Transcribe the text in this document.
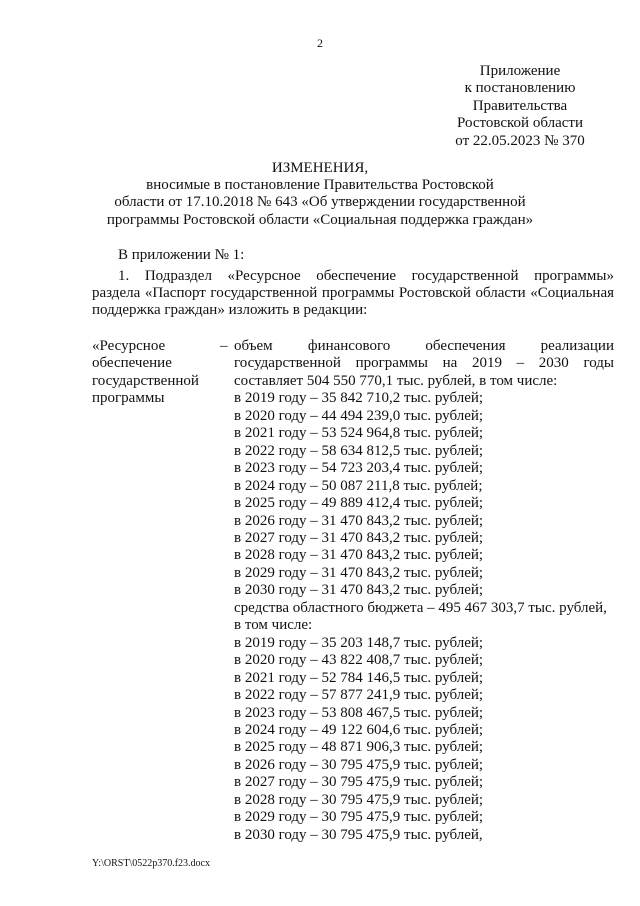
2
Приложение
к постановлению
Правительства
Ростовской области
от 22.05.2023 № 370
ИЗМЕНЕНИЯ,
вносимые в постановление Правительства Ростовской
области от 17.10.2018 № 643 «Об утверждении государственной
программы Ростовской области «Социальная поддержка граждан»
В приложении № 1:
1. Подраздел «Ресурсное обеспечение государственной программы»
раздела «Паспорт государственной программы Ростовской области «Социальная
поддержка граждан» изложить в редакции:
«Ресурсное
обеспечение
государственной
программы
– объем финансового обеспечения реализации
государственной программы на 2019 – 2030 годы
составляет 504 550 770,1 тыс. рублей, в том числе:
в 2019 году – 35 842 710,2 тыс. рублей;
в 2020 году – 44 494 239,0 тыс. рублей;
в 2021 году – 53 524 964,8 тыс. рублей;
в 2022 году – 58 634 812,5 тыс. рублей;
в 2023 году – 54 723 203,4 тыс. рублей;
в 2024 году – 50 087 211,8 тыс. рублей;
в 2025 году – 49 889 412,4 тыс. рублей;
в 2026 году – 31 470 843,2 тыс. рублей;
в 2027 году – 31 470 843,2 тыс. рублей;
в 2028 году – 31 470 843,2 тыс. рублей;
в 2029 году – 31 470 843,2 тыс. рублей;
в 2030 году – 31 470 843,2 тыс. рублей;
средства областного бюджета – 495 467 303,7 тыс. рублей,
в том числе:
в 2019 году – 35 203 148,7 тыс. рублей;
в 2020 году – 43 822 408,7 тыс. рублей;
в 2021 году – 52 784 146,5 тыс. рублей;
в 2022 году – 57 877 241,9 тыс. рублей;
в 2023 году – 53 808 467,5 тыс. рублей;
в 2024 году – 49 122 604,6 тыс. рублей;
в 2025 году – 48 871 906,3 тыс. рублей;
в 2026 году – 30 795 475,9 тыс. рублей;
в 2027 году – 30 795 475,9 тыс. рублей;
в 2028 году – 30 795 475,9 тыс. рублей;
в 2029 году – 30 795 475,9 тыс. рублей;
в 2030 году – 30 795 475,9 тыс. рублей,
Y:\ORST\0522p370.f23.docx
